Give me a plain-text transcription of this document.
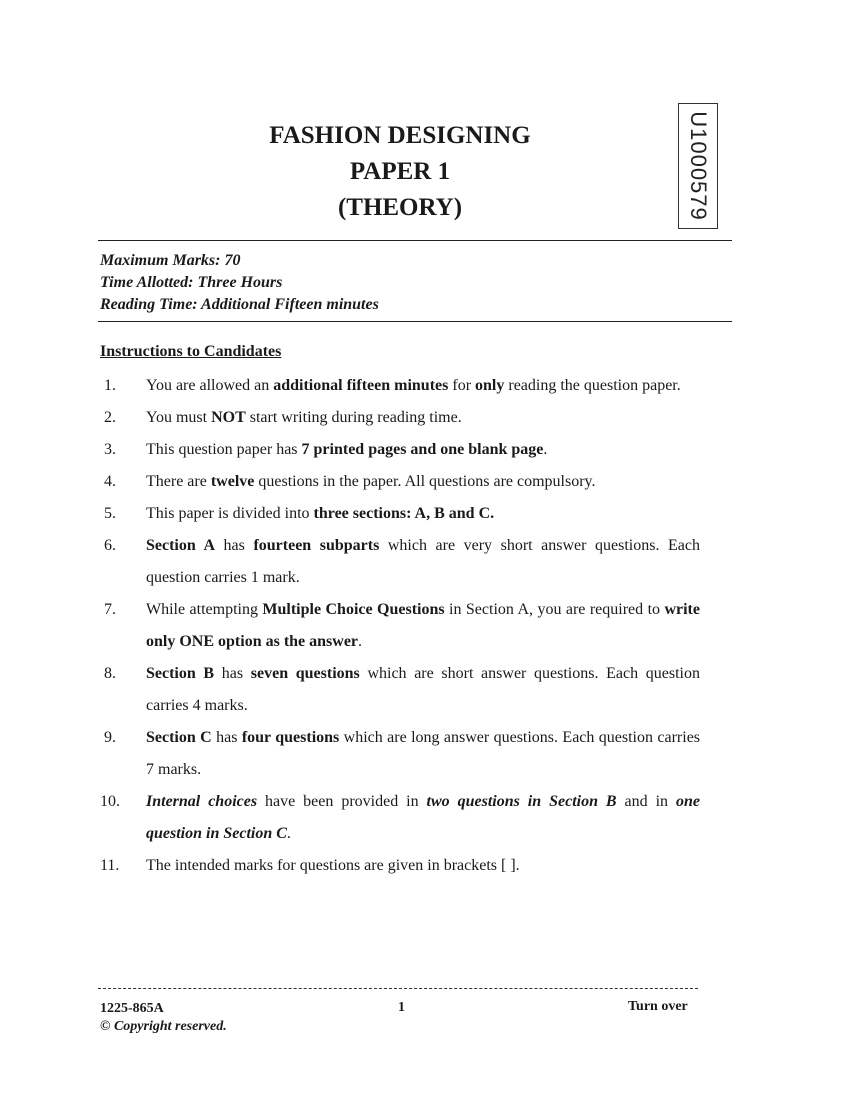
FASHION DESIGNING
PAPER 1
(THEORY)	U1000579
Maximum Marks: 70
Time Allotted: Three Hours
Reading Time: Additional Fifteen minutes
Instructions to Candidates
1.	You are allowed an additional fifteen minutes for only reading the question paper.
2.	You must NOT start writing during reading time.
3.	This question paper has 7 printed pages and one blank page.
4.	There are twelve questions in the paper. All questions are compulsory.
5.	This paper is divided into three sections: A, B and C.
6.	Section A has fourteen subparts which are very short answer questions. Each question carries 1 mark.
7.	While attempting Multiple Choice Questions in Section A, you are required to write only ONE option as the answer.
8.	Section B has seven questions which are short answer questions. Each question carries 4 marks.
9.	Section C has four questions which are long answer questions. Each question carries 7 marks.
10.	Internal choices have been provided in two questions in Section B and in one question in Section C.
11.	The intended marks for questions are given in brackets [ ].
1225-865A
© Copyright reserved.
1	Turn over
